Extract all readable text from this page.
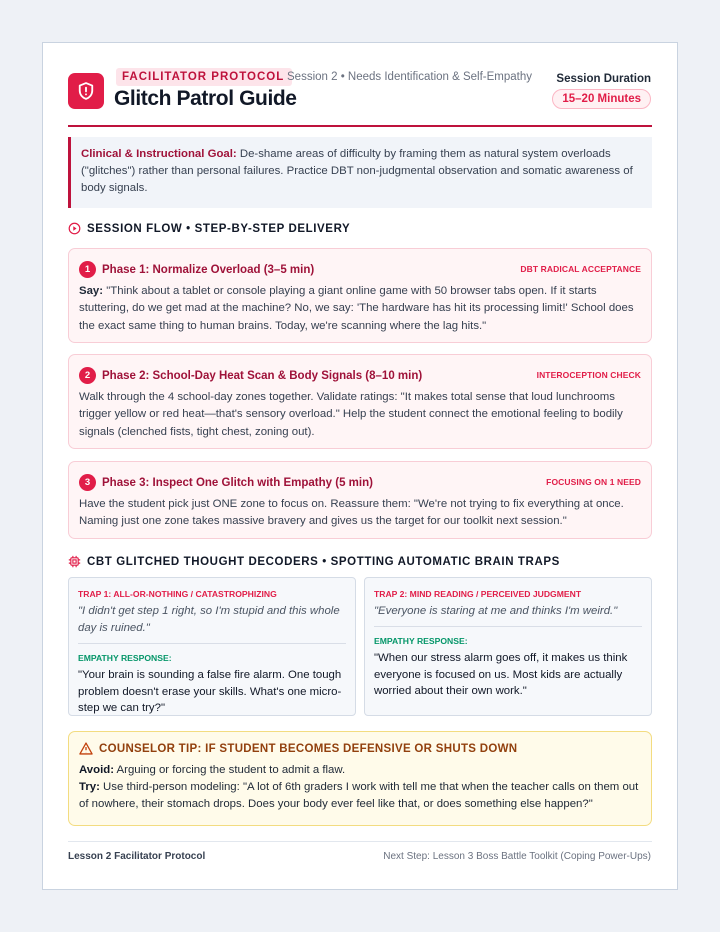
FACILITATOR PROTOCOL Session 2 • Needs Identification & Self-Empathy
Glitch Patrol Guide
Session Duration
15–20 Minutes
Clinical & Instructional Goal: De-shame areas of difficulty by framing them as natural system overloads ("glitches") rather than personal failures. Practice DBT non-judgmental observation and somatic awareness of body signals.
SESSION FLOW • STEP-BY-STEP DELIVERY
1	Phase 1: Normalize Overload (3–5 min)	DBT RADICAL ACCEPTANCE
Say: "Think about a tablet or console playing a giant online game with 50 browser tabs open. If it starts stuttering, do we get mad at the machine? No, we say: 'The hardware has hit its processing limit!' School does the exact same thing to human brains. Today, we're scanning where the lag hits."
2	Phase 2: School-Day Heat Scan & Body Signals (8–10 min)	INTEROCEPTION CHECK
Walk through the 4 school-day zones together. Validate ratings: "It makes total sense that loud lunchrooms trigger yellow or red heat—that's sensory overload." Help the student connect the emotional feeling to bodily signals (clenched fists, tight chest, zoning out).
3	Phase 3: Inspect One Glitch with Empathy (5 min)	FOCUSING ON 1 NEED
Have the student pick just ONE zone to focus on. Reassure them: "We're not trying to fix everything at once. Naming just one zone takes massive bravery and gives us the target for our toolkit next session."
CBT GLITCHED THOUGHT DECODERS • SPOTTING AUTOMATIC BRAIN TRAPS
TRAP 1: ALL-OR-NOTHING / CATASTROPHIZING
"I didn't get step 1 right, so I'm stupid and this whole day is ruined."
EMPATHY RESPONSE:
"Your brain is sounding a false fire alarm. One tough problem doesn't erase your skills. What's one micro-step we can try?"
TRAP 2: MIND READING / PERCEIVED JUDGMENT
"Everyone is staring at me and thinks I'm weird."
EMPATHY RESPONSE:
"When our stress alarm goes off, it makes us think everyone is focused on us. Most kids are actually worried about their own work."
COUNSELOR TIP: IF STUDENT BECOMES DEFENSIVE OR SHUTS DOWN
Avoid: Arguing or forcing the student to admit a flaw.
Try: Use third-person modeling: "A lot of 6th graders I work with tell me that when the teacher calls on them out of nowhere, their stomach drops. Does your body ever feel like that, or does something else happen?"
Lesson 2 Facilitator Protocol	Next Step: Lesson 3 Boss Battle Toolkit (Coping Power-Ups)
